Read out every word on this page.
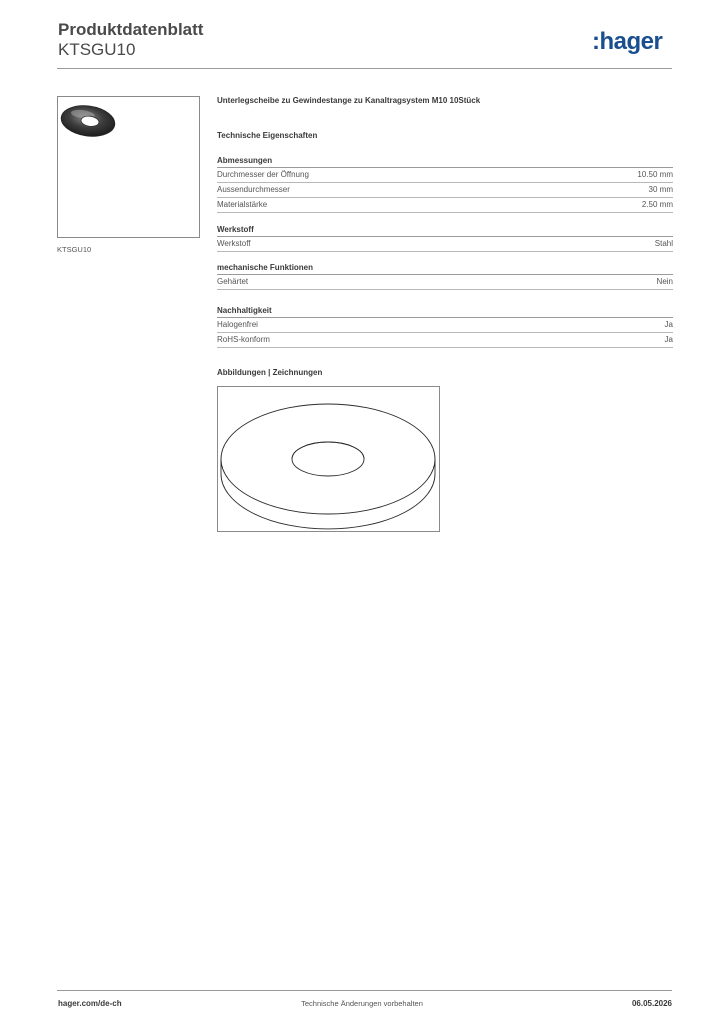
Produktdatenblatt
KTSGU10	:hager
KTSGU10

Unterlegscheibe zu Gewindestange zu Kanaltragsystem M10 10Stück

Technische Eigenschaften
Abmessungen
Durchmesser der Öffnung	10.50 mm
Aussendurchmesser	30 mm
Materialstärke	2.50 mm
Werkstoff
Werkstoff	Stahl
mechanische Funktionen
Gehärtet	Nein
Nachhaltigkeit
Halogenfrei	Ja
RoHS-konform	Ja
Abbildungen | Zeichnungen
hager.com/de-ch	Technische Änderungen vorbehalten	06.05.2026
